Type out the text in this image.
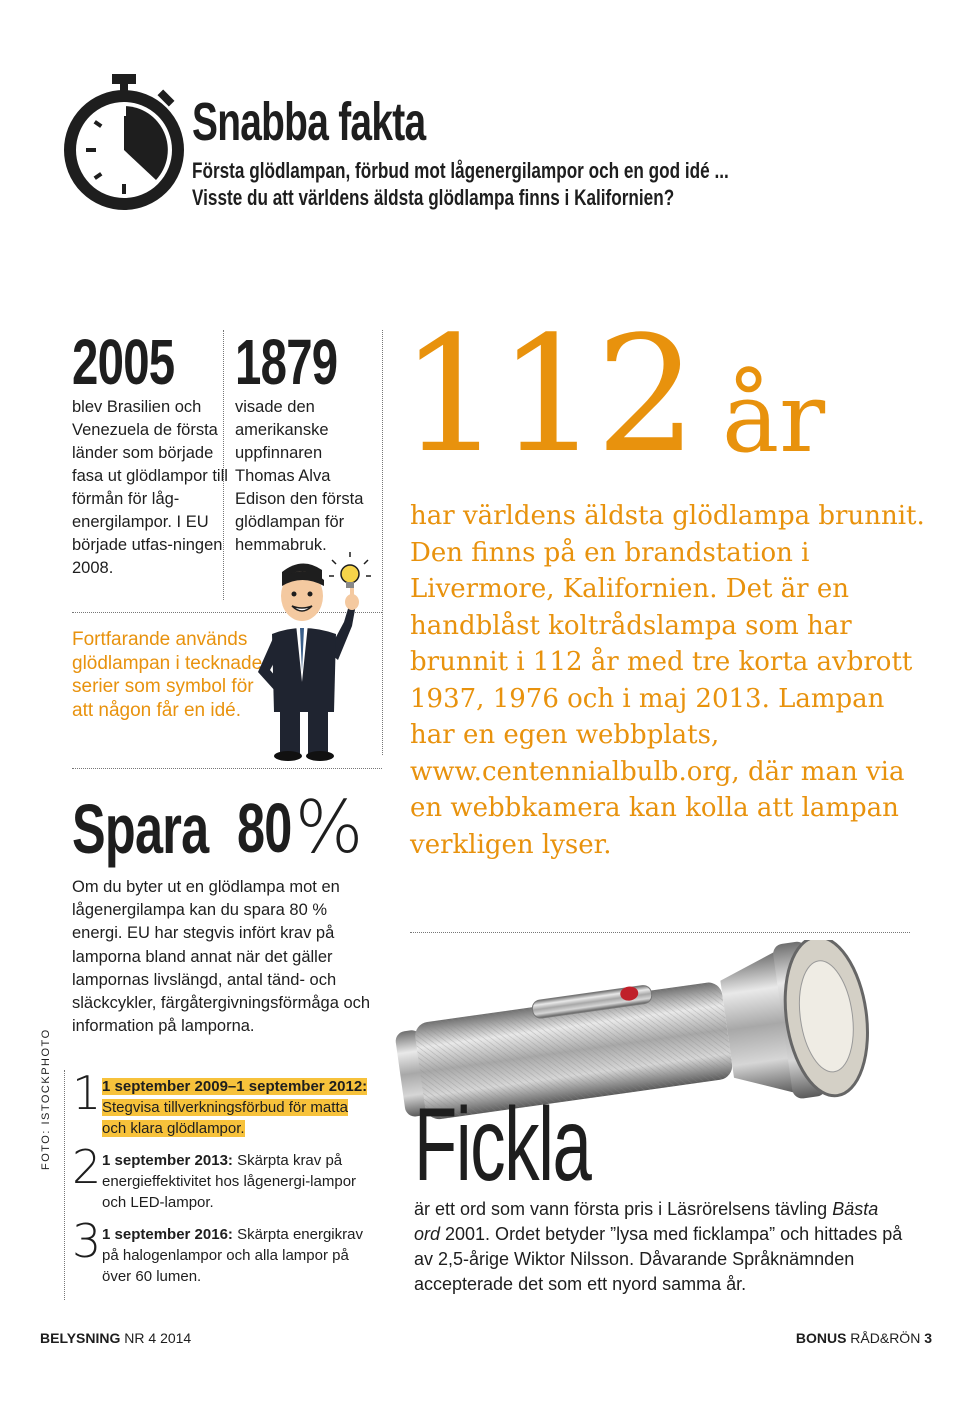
Snabba fakta
Första glödlampan, förbud mot lågenergilampor och en god idé ...
Visste du att världens äldsta glödlampa finns i Kalifornien?
2005

blev Brasilien och Venezuela de första länder som började fasa ut glödlampor till förmån för låg-energilampor. I EU började utfas-ningen 2008.

1879

visade den amerikanske uppfinnaren Thomas Alva Edison den första glödlampan för hemmabruk.

Fortfarande används glödlampan i tecknade serier som symbol för att någon får en idé.

Spara 80%

Om du byter ut en glödlampa mot en lågenergilampa kan du spara 80 % energi. EU har stegvis infört krav på lamporna bland annat när det gäller lampornas livslängd, antal tänd- och släckcykler, färgåtergivningsförmåga och information på lamporna.

112 år

har världens äldsta glödlampa brunnit. Den finns på en brandstation i Livermore, Kalifornien. Det är en handblåst koltrådslampa som har brunnit i 112 år med tre korta avbrott 1937, 1976 och i maj 2013. Lampan har en egen webbplats, www.centennialbulb.org, där man via en webbkamera kan kolla att lampan verkligen lyser.

1 1 september 2009–1 september 2012: Stegvisa tillverkningsförbud för matta och klara glödlampor.
2 1 september 2013: Skärpta krav på energieffektivitet hos lågenergi-lampor och LED-lampor.
3 1 september 2016: Skärpta energikrav på halogenlampor och alla lampor på över 60 lumen.
Fickla

är ett ord som vann första pris i Läsrörelsens tävling Bästa ord 2001. Ordet betyder ”lysa med ficklampa” och hittades på av 2,5-årige Wiktor Nilsson. Dåvarande Språknämnden accepterade det som ett nyord samma år.

FOTO: ISTOCKPHOTO
BELYSNING NR 4 2014	BONUS RÅD&RÖN 3
